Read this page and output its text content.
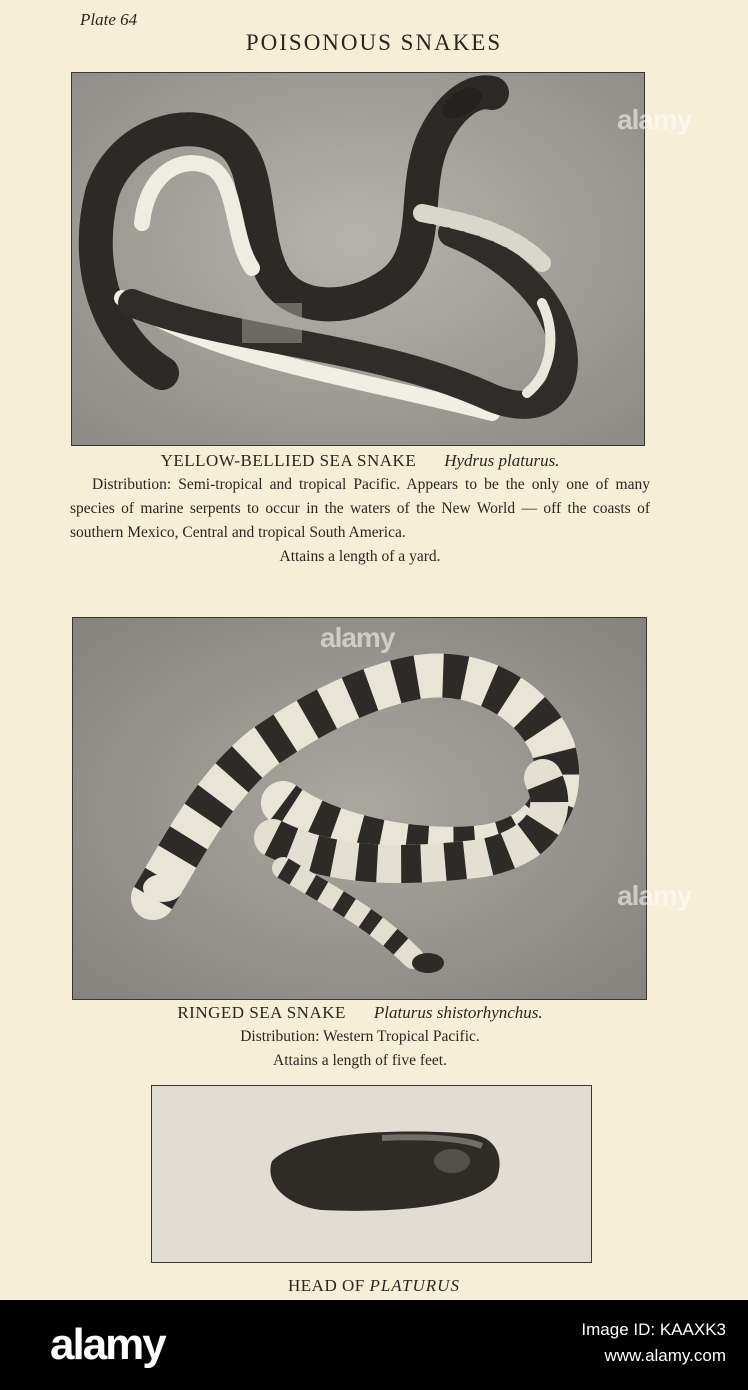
Plate 64
POISONOUS SNAKES
alamy
YELLOW-BELLIED SEA SNAKE Hydrus platurus.
Distribution: Semi-tropical and tropical Pacific. Appears to be the only one of many species of marine serpents to occur in the waters of the New World — off the coasts of southern Mexico, Central and tropical South America.
Attains a length of a yard.
alamy
alamy
RINGED SEA SNAKE Platurus shistorhynchus.
Distribution: Western Tropical Pacific.
Attains a length of five feet.
HEAD OF PLATURUS
alamy	Image ID: KAAXK3
www.alamy.com
